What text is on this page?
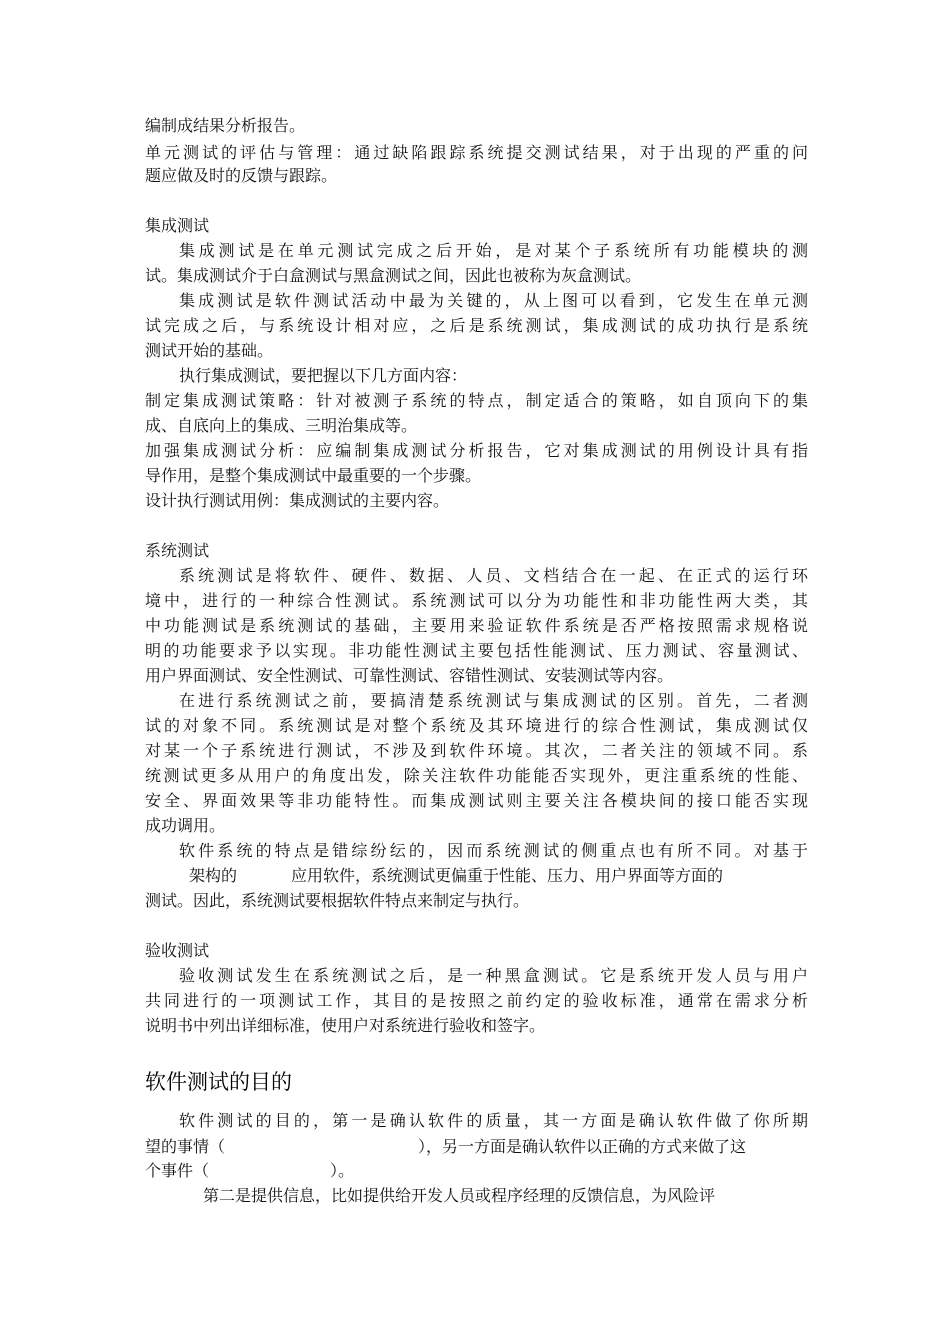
编制成结果分析报告。
单元测试的评估与管理：通过缺陷跟踪系统提交测试结果，对于出现的严重的问
题应做及时的反馈与跟踪。
集成测试
集成测试是在单元测试完成之后开始，是对某个子系统所有功能模块的测
试。集成测试介于白盒测试与黑盒测试之间，因此也被称为灰盒测试。
集成测试是软件测试活动中最为关键的，从上图可以看到，它发生在单元测
试完成之后，与系统设计相对应，之后是系统测试，集成测试的成功执行是系统
测试开始的基础。
执行集成测试，要把握以下几方面内容：
制定集成测试策略：针对被测子系统的特点，制定适合的策略，如自顶向下的集
成、自底向上的集成、三明治集成等。
加强集成测试分析：应编制集成测试分析报告，它对集成测试的用例设计具有指
导作用，是整个集成测试中最重要的一个步骤。
设计执行测试用例：集成测试的主要内容。
系统测试
系统测试是将软件、硬件、数据、人员、文档结合在一起、在正式的运行环
境中，进行的一种综合性测试。系统测试可以分为功能性和非功能性两大类，其
中功能测试是系统测试的基础，主要用来验证软件系统是否严格按照需求规格说
明的功能要求予以实现。非功能性测试主要包括性能测试、压力测试、容量测试、
用户界面测试、安全性测试、可靠性测试、容错性测试、安装测试等内容。
在进行系统测试之前，要搞清楚系统测试与集成测试的区别。首先，二者测
试的对象不同。系统测试是对整个系统及其环境进行的综合性测试，集成测试仅
对某一个子系统进行测试，不涉及到软件环境。其次，二者关注的领域不同。系
统测试更多从用户的角度出发，除关注软件功能能否实现外，更注重系统的性能、
安全、界面效果等非功能特性。而集成测试则主要关注各模块间的接口能否实现
成功调用。
软件系统的特点是错综纷纭的，因而系统测试的侧重点也有所不同。对基于
架构的	应用软件，系统测试更偏重于性能、压力、用户界面等方面的
测试。因此，系统测试要根据软件特点来制定与执行。
验收测试
验收测试发生在系统测试之后，是一种黑盒测试。它是系统开发人员与用户
共同进行的一项测试工作，其目的是按照之前约定的验收标准，通常在需求分析
说明书中列出详细标准，使用户对系统进行验收和签字。
软件测试的目的
软件测试的目的，第一是确认软件的质量，其一方面是确认软件做了你所期
望的事情（	），另一方面是确认软件以正确的方式来做了这
个事件（	）。
第二是提供信息，比如提供给开发人员或程序经理的反馈信息，为风险评
